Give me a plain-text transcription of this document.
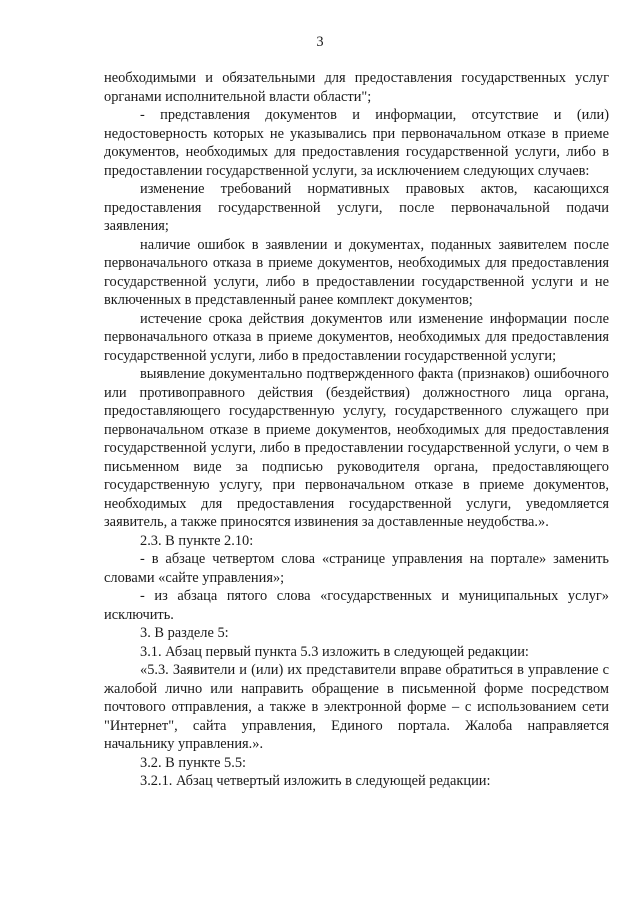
3

необходимыми и обязательными для предоставления государственных услуг органами исполнительной власти области";

- представления документов и информации, отсутствие и (или) недостоверность которых не указывались при первоначальном отказе в приеме документов, необходимых для предоставления государственной услуги, либо в предоставлении государственной услуги, за исключением следующих случаев:

изменение требований нормативных правовых актов, касающихся предоставления государственной услуги, после первоначальной подачи заявления;

наличие ошибок в заявлении и документах, поданных заявителем после первоначального отказа в приеме документов, необходимых для предоставления государственной услуги, либо в предоставлении государственной услуги и не включенных в представленный ранее комплект документов;

истечение срока действия документов или изменение информации после первоначального отказа в приеме документов, необходимых для предоставления государственной услуги, либо в предоставлении государственной услуги;

выявление документально подтвержденного факта (признаков) ошибочного или противоправного действия (бездействия) должностного лица органа, предоставляющего государственную услугу, государственного служащего при первоначальном отказе в приеме документов, необходимых для предоставления государственной услуги, либо в предоставлении государственной услуги, о чем в письменном виде за подписью руководителя органа, предоставляющего государственную услугу, при первоначальном отказе в приеме документов, необходимых для предоставления государственной услуги, уведомляется заявитель, а также приносятся извинения за доставленные неудобства.».

2.3. В пункте 2.10:

- в абзаце четвертом слова «странице управления на портале» заменить словами «сайте управления»;

- из абзаца пятого слова «государственных и муниципальных услуг» исключить.

3. В разделе 5:

3.1. Абзац первый пункта 5.3 изложить в следующей редакции:

«5.3. Заявители и (или) их представители вправе обратиться в управление с жалобой лично или направить обращение в письменной форме посредством почтового отправления, а также в электронной форме – с использованием сети "Интернет", сайта управления, Единого портала. Жалоба направляется начальнику управления.».

3.2. В пункте 5.5:

3.2.1. Абзац четвертый изложить в следующей редакции:
